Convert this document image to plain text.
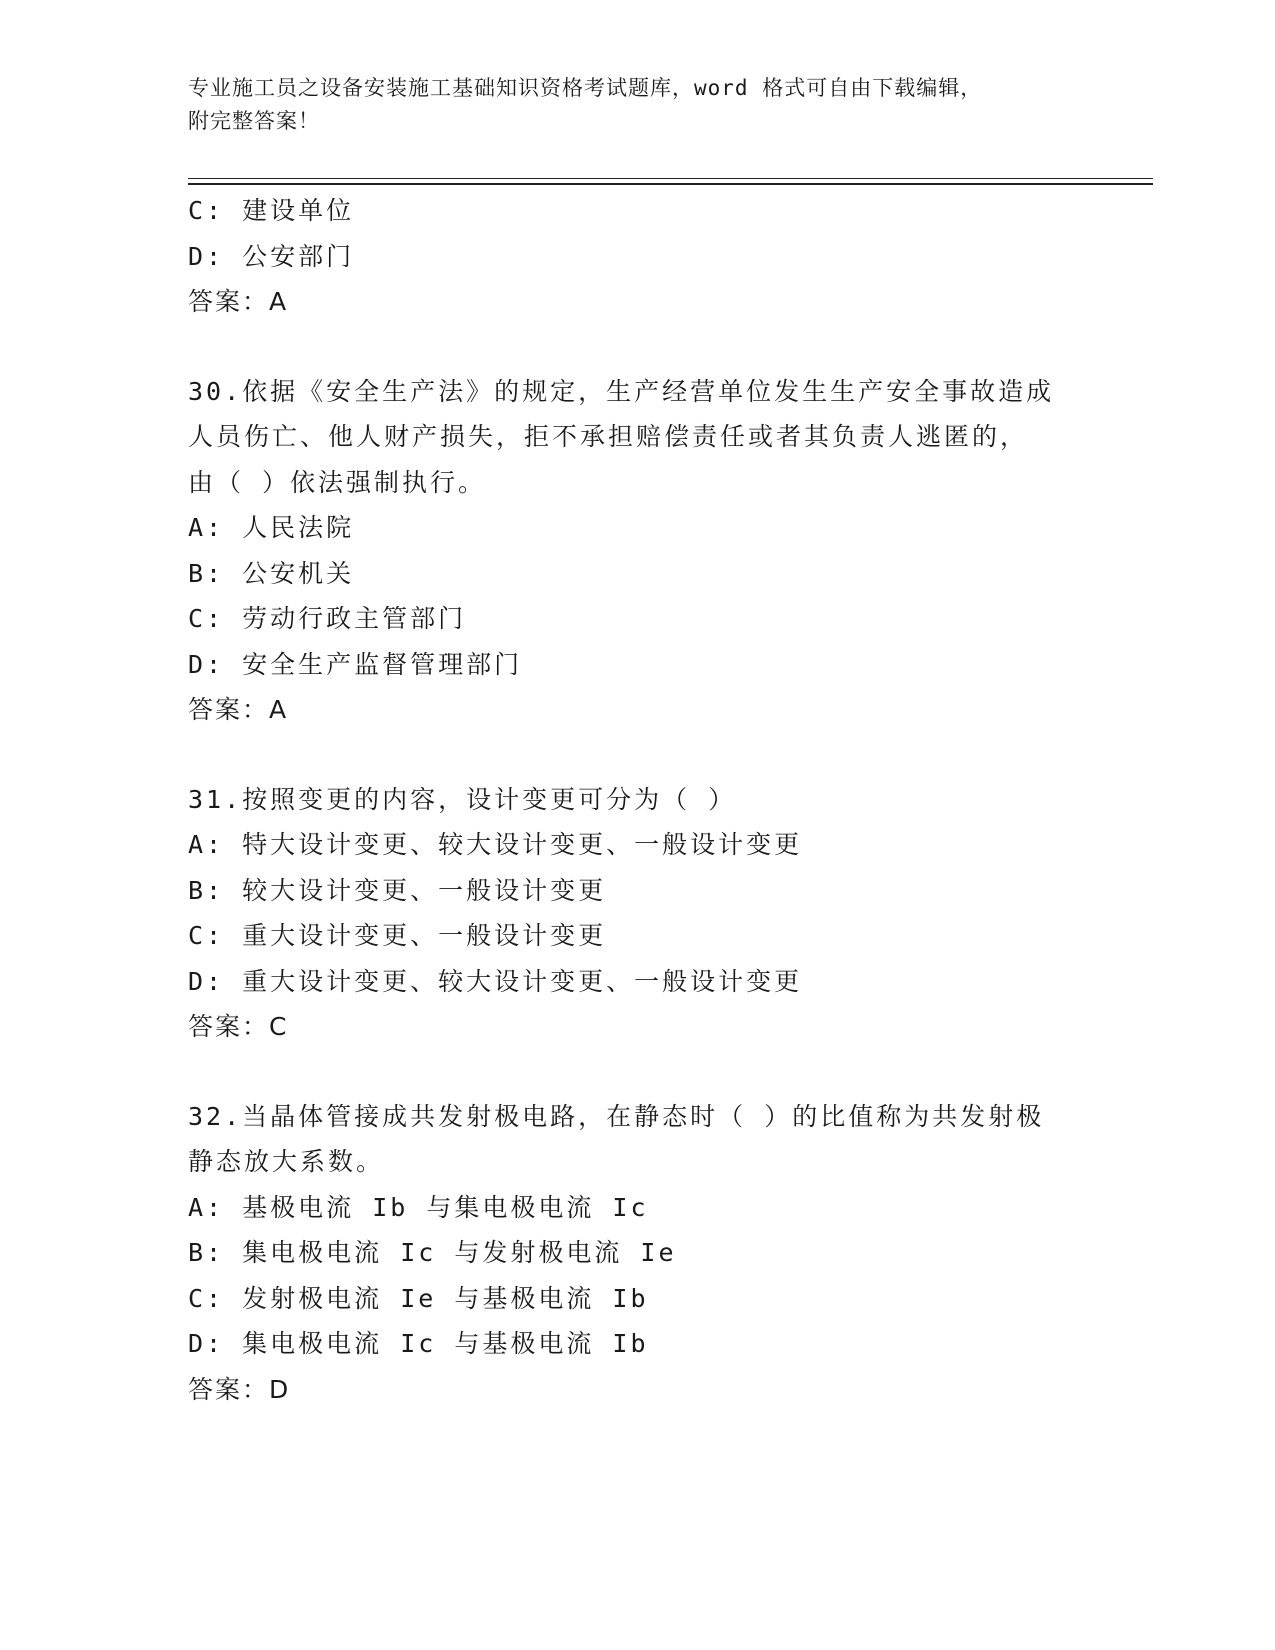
专业施工员之设备安装施工基础知识资格考试题库，word 格式可自由下载编辑，
附完整答案！
C: 建设单位
D: 公安部门
答案：A
30.依据《安全生产法》的规定，生产经营单位发生生产安全事故造成
人员伤亡、他人财产损失，拒不承担赔偿责任或者其负责人逃匿的，
由（ ）依法强制执行。
A: 人民法院
B: 公安机关
C: 劳动行政主管部门
D: 安全生产监督管理部门
答案：A
31.按照变更的内容，设计变更可分为（ ）
A: 特大设计变更、较大设计变更、一般设计变更
B: 较大设计变更、一般设计变更
C: 重大设计变更、一般设计变更
D: 重大设计变更、较大设计变更、一般设计变更
答案：C
32.当晶体管接成共发射极电路，在静态时（ ）的比值称为共发射极
静态放大系数。
A: 基极电流 Ib 与集电极电流 Ic
B: 集电极电流 Ic 与发射极电流 Ie
C: 发射极电流 Ie 与基极电流 Ib
D: 集电极电流 Ic 与基极电流 Ib
答案：D
